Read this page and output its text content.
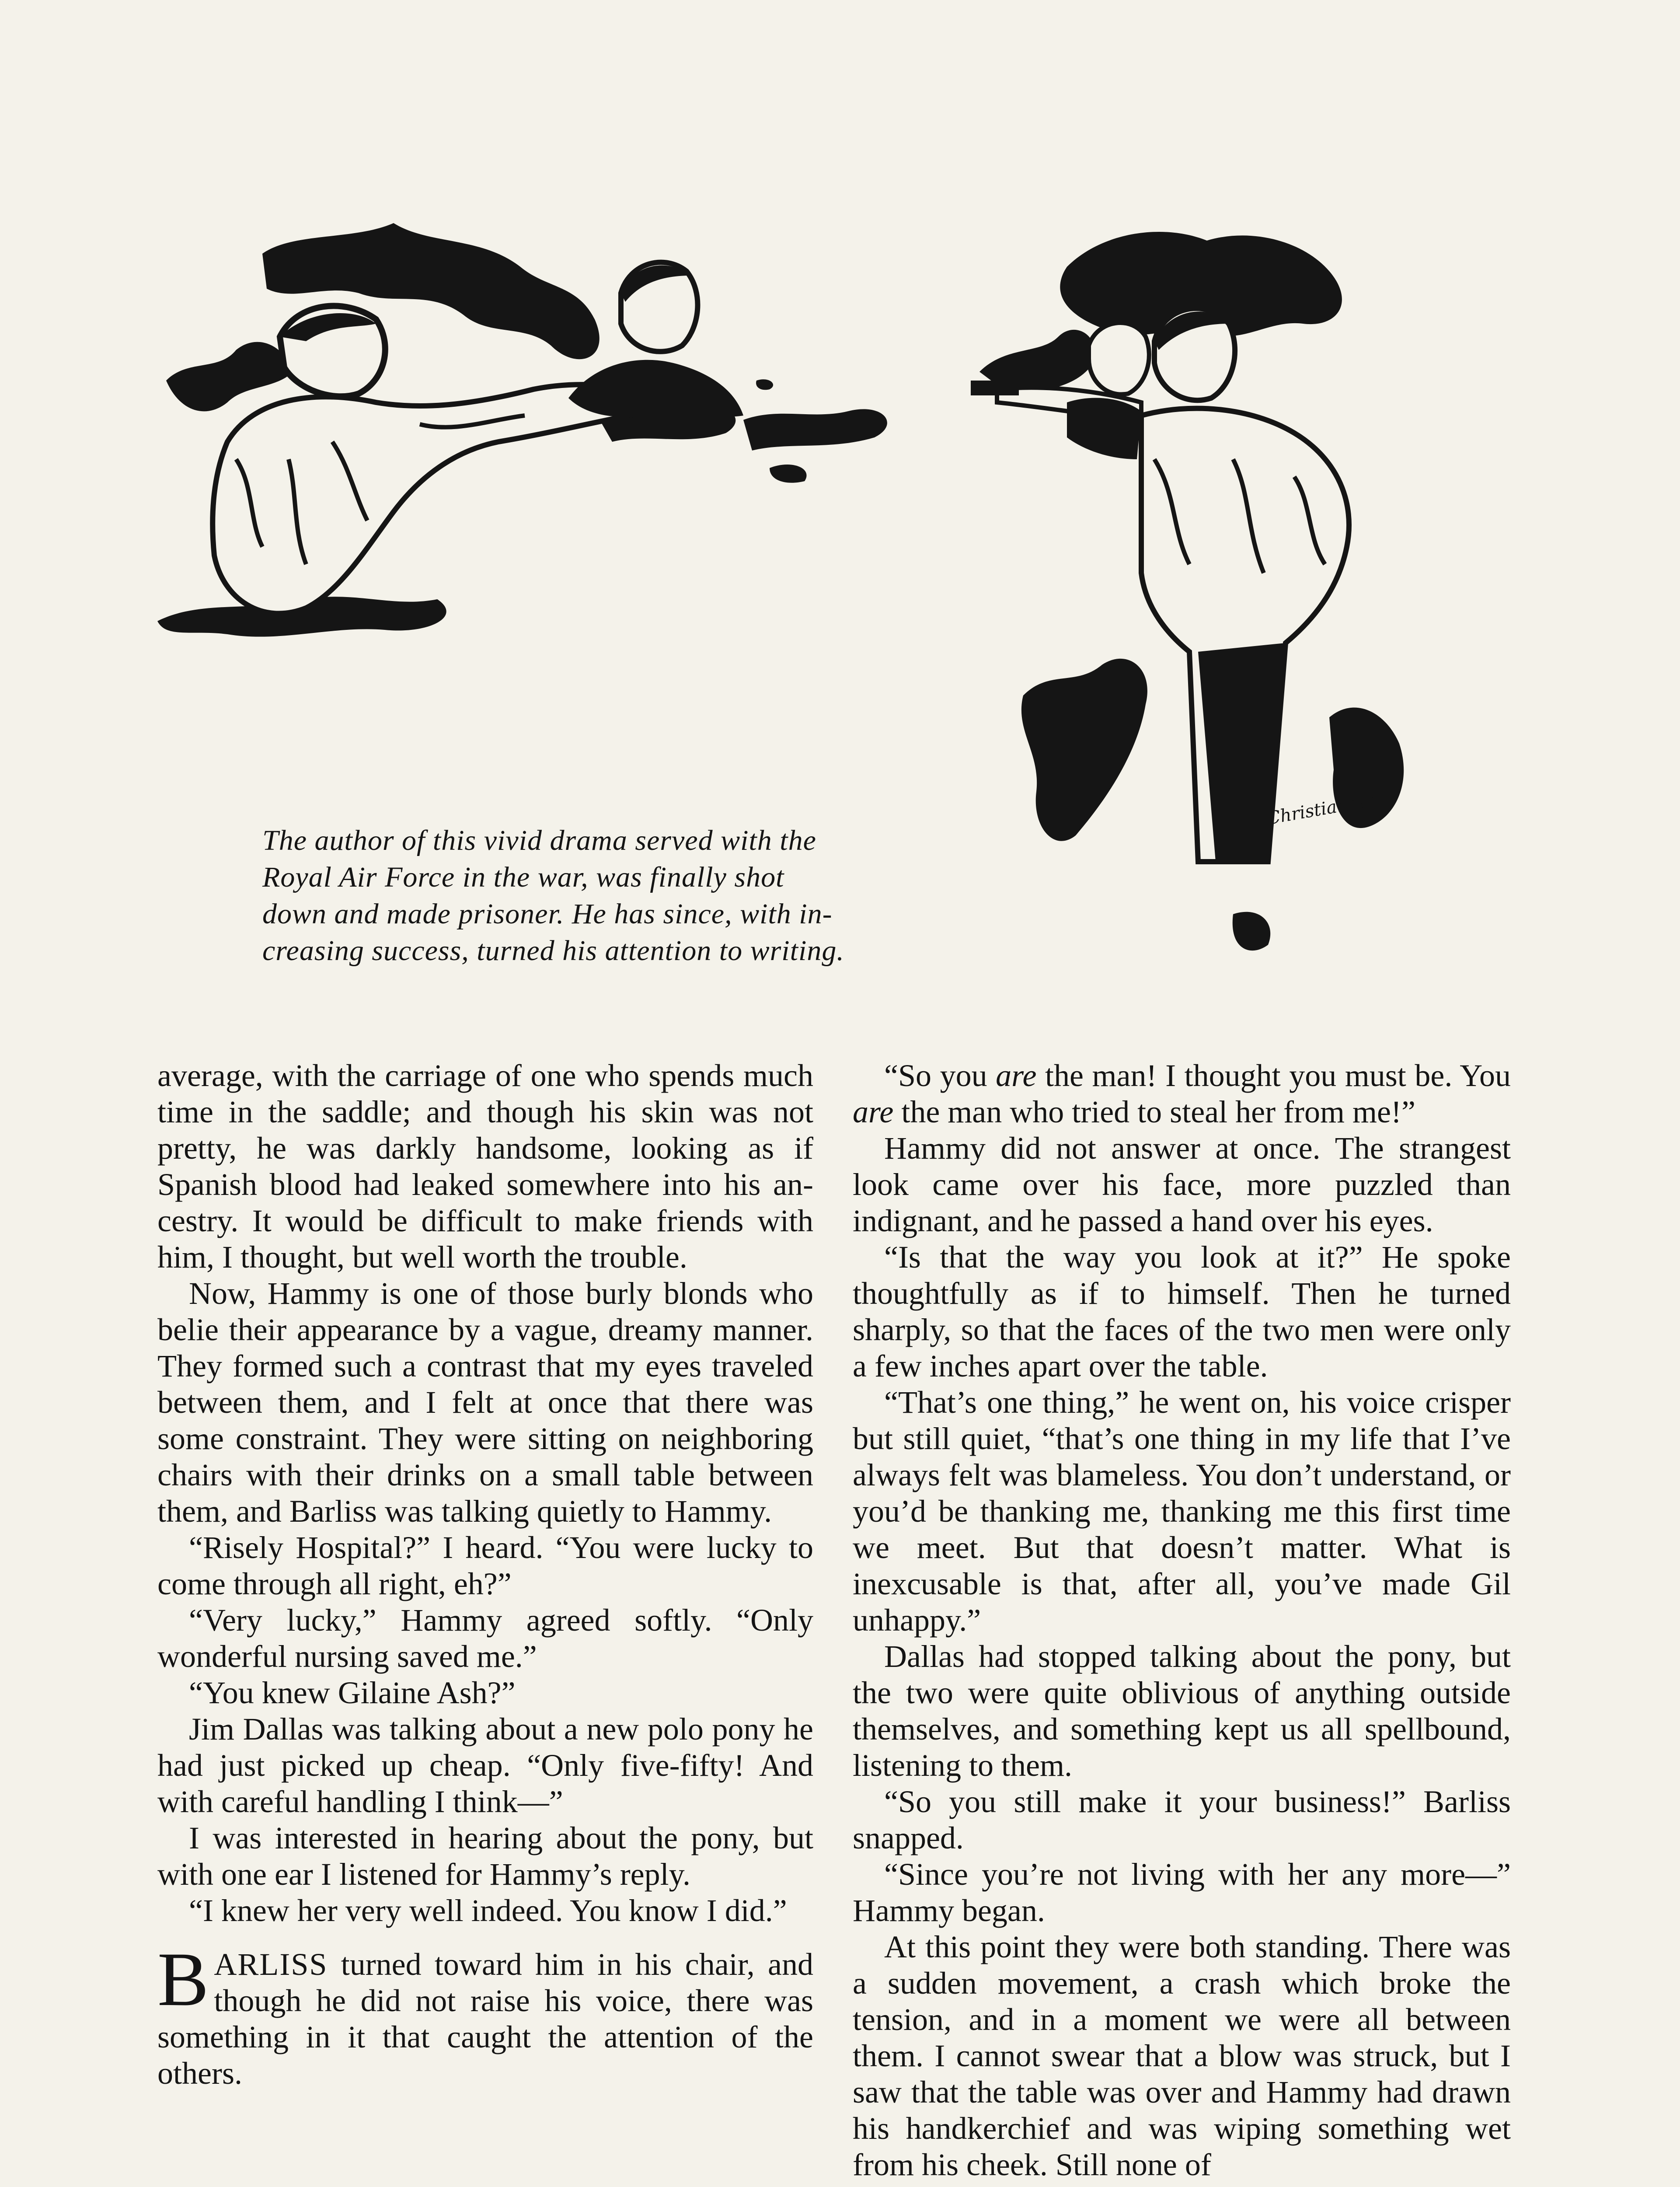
Christiansen
The author of this vivid drama served with the
Royal Air Force in the war, was finally shot
down and made prisoner. He has since, with in-
creasing success, turned his attention to writing.

average, with the carriage of one who spends much time in the saddle; and though his skin was not pretty, he was darkly handsome, looking as if Spanish blood had leaked somewhere into his ancestry. It would be difficult to make friends with him, I thought, but well worth the trouble.

Now, Hammy is one of those burly blonds who belie their appearance by a vague, dreamy manner. They formed such a contrast that my eyes traveled between them, and I felt at once that there was some constraint. They were sitting on neighboring chairs with their drinks on a small table between them, and Barliss was talking quietly to Hammy.

“Risely Hospital?” I heard. “You were lucky to come through all right, eh?”

“Very lucky,” Hammy agreed softly. “Only wonderful nursing saved me.”

“You knew Gilaine Ash?”

Jim Dallas was talking about a new polo pony he had just picked up cheap. “Only five-fifty! And with careful handling I think—”

I was interested in hearing about the pony, but with one ear I listened for Hammy’s reply.

“I knew her very well indeed. You know I did.”

BARLISS turned toward him in his chair, and though he did not raise his voice, there was something in it that caught the attention of the others.

“So you are the man! I thought you must be. You are the man who tried to steal her from me!”

Hammy did not answer at once. The strangest look came over his face, more puzzled than indignant, and he passed a hand over his eyes.

“Is that the way you look at it?” He spoke thoughtfully as if to himself. Then he turned sharply, so that the faces of the two men were only a few inches apart over the table.

“That’s one thing,” he went on, his voice crisper but still quiet, “that’s one thing in my life that I’ve always felt was blameless. You don’t understand, or you’d be thanking me, thanking me this first time we meet. But that doesn’t matter. What is inexcusable is that, after all, you’ve made Gil unhappy.”

Dallas had stopped talking about the pony, but the two were quite oblivious of anything outside themselves, and something kept us all spellbound, listening to them.

“So you still make it your business!” Barliss snapped.

“Since you’re not living with her any more—” Hammy began.

At this point they were both standing. There was a sudden movement, a crash which broke the tension, and in a moment we were all between them. I cannot swear that a blow was struck, but I saw that the table was over and Hammy had drawn his handkerchief and was wiping something wet from his cheek. Still none of
